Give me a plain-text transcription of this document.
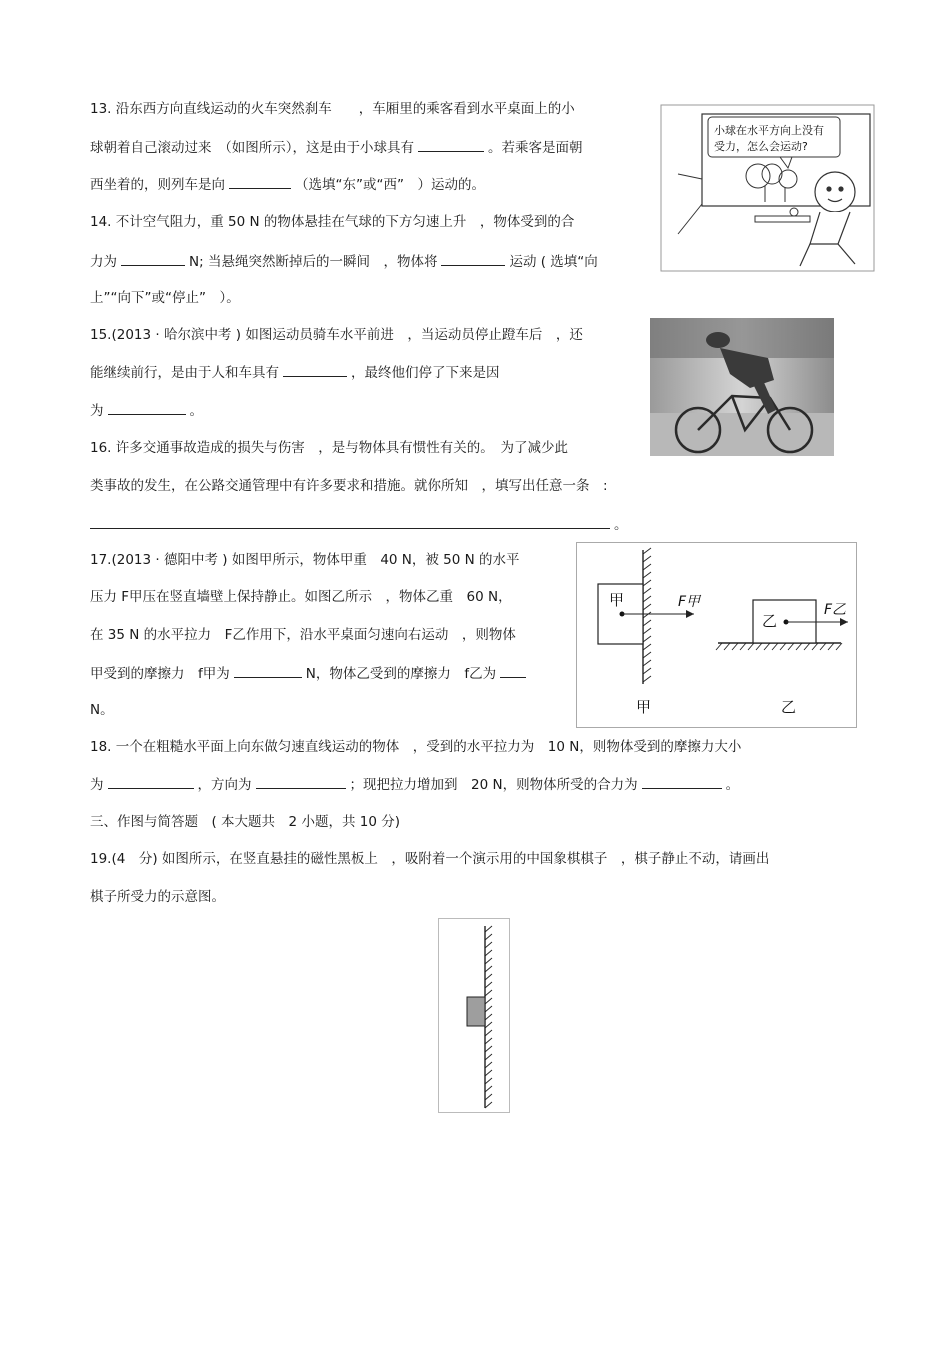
13. 沿东西方向直线运动的火车突然刹车　　，车厢里的乘客看到水平桌面上的小
球朝着自己滚动过来　（如图所示），这是由于小球具有	。若乘客是面朝
西坐着的，则列车是向	（选填“东”或“西”　）运动的。
小球在水平方向上没有
受力，怎么会运动?
14. 不计空气阻力，重 50 N 的物体悬挂在气球的下方匀速上升　，物体受到的合
力为	N; 当悬绳突然断掉后的一瞬间　，物体将	运动 ( 选填“向
上”“向下”或“停止”　）。
15.(2013 · 哈尔滨中考 ) 如图运动员骑车水平前进　，当运动员停止蹬车后　，还
能继续前行，是由于人和车具有	，最终他们停了下来是因
为	。
16. 许多交通事故造成的损失与伤害　，是与物体具有惯性有关的。　为了减少此
类事故的发生，在公路交通管理中有许多要求和措施。就你所知　，填写出任意一条　:
。
17.(2013 · 德阳中考 ) 如图甲所示，物体甲重　40 N，被 50 N 的水平
压力 F甲压在竖直墙壁上保持静止。如图乙所示　，物体乙重　60 N，
在 35 N 的水平拉力　F乙作用下，沿水平桌面匀速向右运动　，则物体
甲受到的摩擦力　f甲为	N，物体乙受到的摩擦力　f乙为
N。
甲	F甲
乙
F乙
甲	乙
18. 一个在粗糙水平面上向东做匀速直线运动的物体　，受到的水平拉力为　10 N，则物体受到的摩擦力大小
为	，方向为	；现把拉力增加到　20 N，则物体所受的合力为	。
三、作图与简答题　( 本大题共　2 小题，共 10 分)
19.(4　分) 如图所示，在竖直悬挂的磁性黑板上　，吸附着一个演示用的中国象棋棋子　，棋子静止不动，请画出
棋子所受力的示意图。
